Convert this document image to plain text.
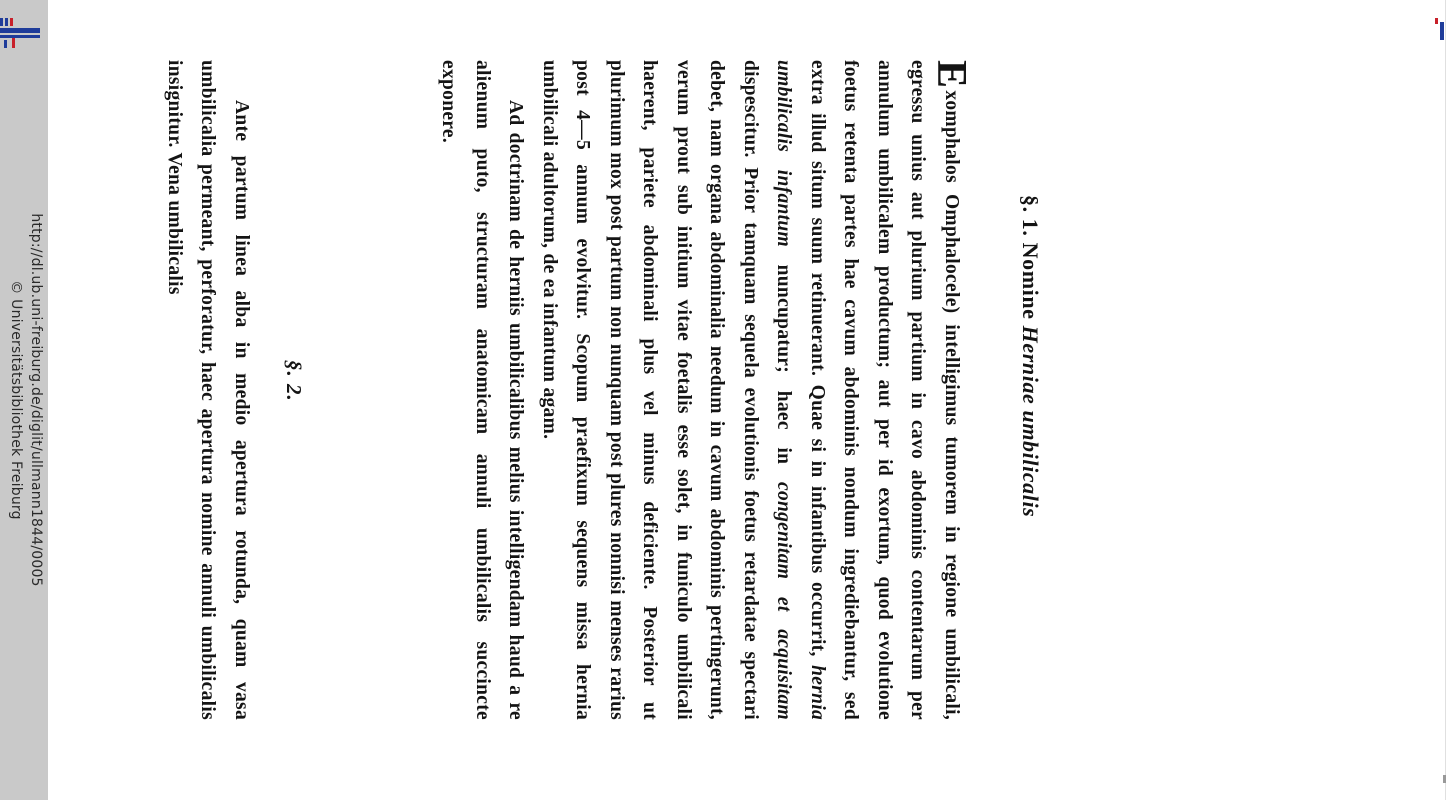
http://dl.ub.uni-freiburg.de/diglit/ullmann1844/0005
© Universitätsbibliothek Freiburg
§. 1. Nomine Herniae umbilicalis
E
xomphalos Omphalocele) intelligimus tumorem in regione umbilicali, egressu unius aut plurium partium in cavo abdominis contentarum per annulum umbilicalem productum; aut per id exortum, quod evolutione foetus retenta partes hae cavum abdominis nondum ingrediebantur, sed extra illud situm suum retinuerant. Quae si in infantibus occurrit, hernia umbilicalis infantum nuncupatur; haec in congenitam et acquisitam dispescitur. Prior tamquam sequela evolutionis foetus retardatae spectari debet, nam organa abdominalia needum in cavum abdominis pertingerunt, verum prout sub initium vitae foetalis esse solet, in funiculo umbilicali haerent, pariete abdominali plus vel minus deficiente. Posterior ut plurimum mox post partum non nunquam post plures nonnisi menses rarius post 4—5 annum evolvitur. Scopum praefixum sequens missa hernia umbilicali adultorum, de ea infantum agam.
Ad doctrinam de herniis umbilicalibus melius intelligendam haud a re alienum puto, structuram anatomicam annuli umbilicalis succincte exponere.
§. 2.
Ante partum linea alba in medio apertura rotunda, quam vasa umbilicalia permeant, perforatur, haec apertura nomine annuli umbilicalis insignitur. Vena umbilicalis
